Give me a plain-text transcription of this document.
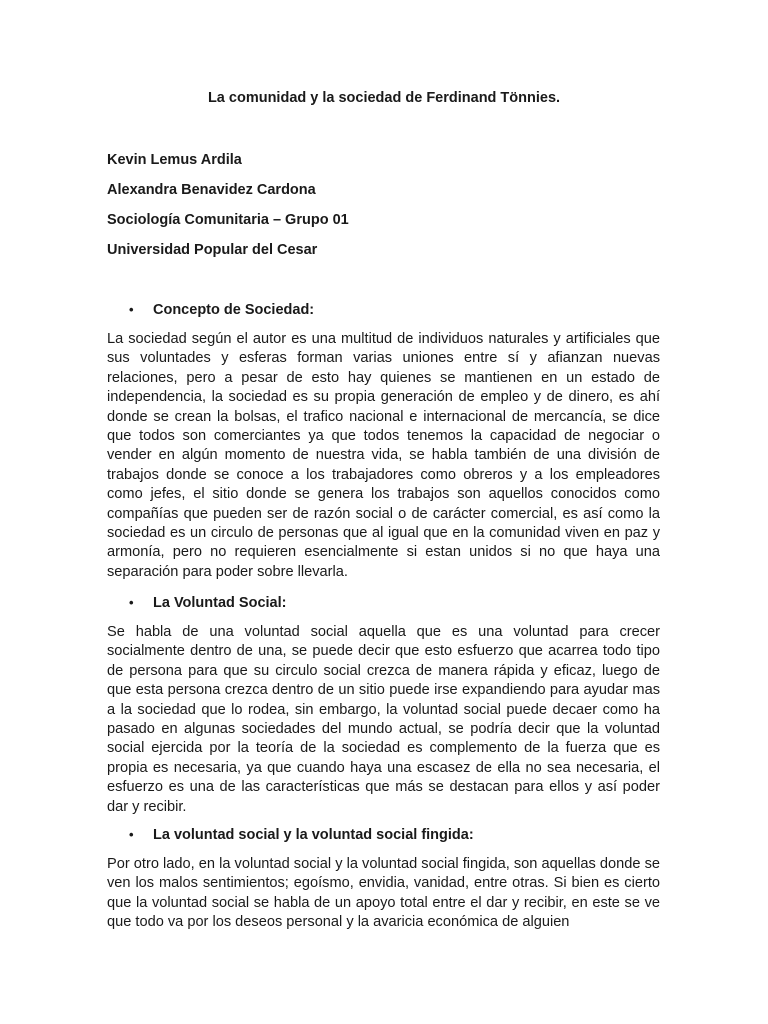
La comunidad y la sociedad de Ferdinand Tönnies.
Kevin Lemus Ardila
Alexandra Benavidez Cardona
Sociología Comunitaria – Grupo 01
Universidad Popular del Cesar
• Concepto de Sociedad:

La sociedad según el autor es una multitud de individuos naturales y artificiales que sus voluntades y esferas forman varias uniones entre sí y afianzan nuevas relaciones, pero a pesar de esto hay quienes se mantienen en un estado de independencia, la sociedad es su propia generación de empleo y de dinero, es ahí donde se crean la bolsas, el trafico nacional e internacional de mercancía, se dice que todos son comerciantes ya que todos tenemos la capacidad de negociar o vender en algún momento de nuestra vida, se habla también de una división de trabajos donde se conoce a los trabajadores como obreros y a los empleadores como jefes, el sitio donde se genera los trabajos son aquellos conocidos como compañías que pueden ser de razón social o de carácter comercial, es así como la sociedad es un circulo de personas que al igual que en la comunidad viven en paz y armonía, pero no requieren esencialmente si estan unidos si no que haya una separación para poder sobre llevarla.

• La Voluntad Social:

Se habla de una voluntad social aquella que es una voluntad para crecer socialmente dentro de una, se puede decir que esto esfuerzo que acarrea todo tipo de persona para que su circulo social crezca de manera rápida y eficaz, luego de que esta persona crezca dentro de un sitio puede irse expandiendo para ayudar mas a la sociedad que lo rodea, sin embargo, la voluntad social puede decaer como ha pasado en algunas sociedades del mundo actual, se podría decir que la voluntad social ejercida por la teoría de la sociedad es complemento de la fuerza que es propia es necesaria, ya que cuando haya una escasez de ella no sea necesaria, el esfuerzo es una de las características que más se destacan para ellos y así poder dar y recibir.

• La voluntad social y la voluntad social fingida:

Por otro lado, en la voluntad social y la voluntad social fingida, son aquellas donde se ven los malos sentimientos; egoísmo, envidia, vanidad, entre otras. Si bien es cierto que la voluntad social se habla de un apoyo total entre el dar y recibir, en este se ve que todo va por los deseos personal y la avaricia económica de alguien
